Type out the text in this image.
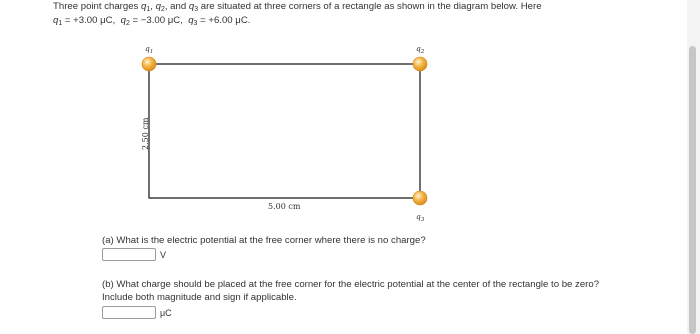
Three point charges $q_1$, $q_2$, and $q_3$ are situated at three corners of a rectangle as shown in the diagram below. Here
$q_1 = +3.00$ μC, $q_2 = -3.00$ μC, $q_3 = +6.00$ μC.
$q_1$	$q_2$
$q_3$
5.00 cm
2.50 cm
(a) What is the electric potential at the free corner where there is no charge?
V
(b) What charge should be placed at the free corner for the electric potential at the center of the rectangle to be zero?
Include both magnitude and sign if applicable.
μC
